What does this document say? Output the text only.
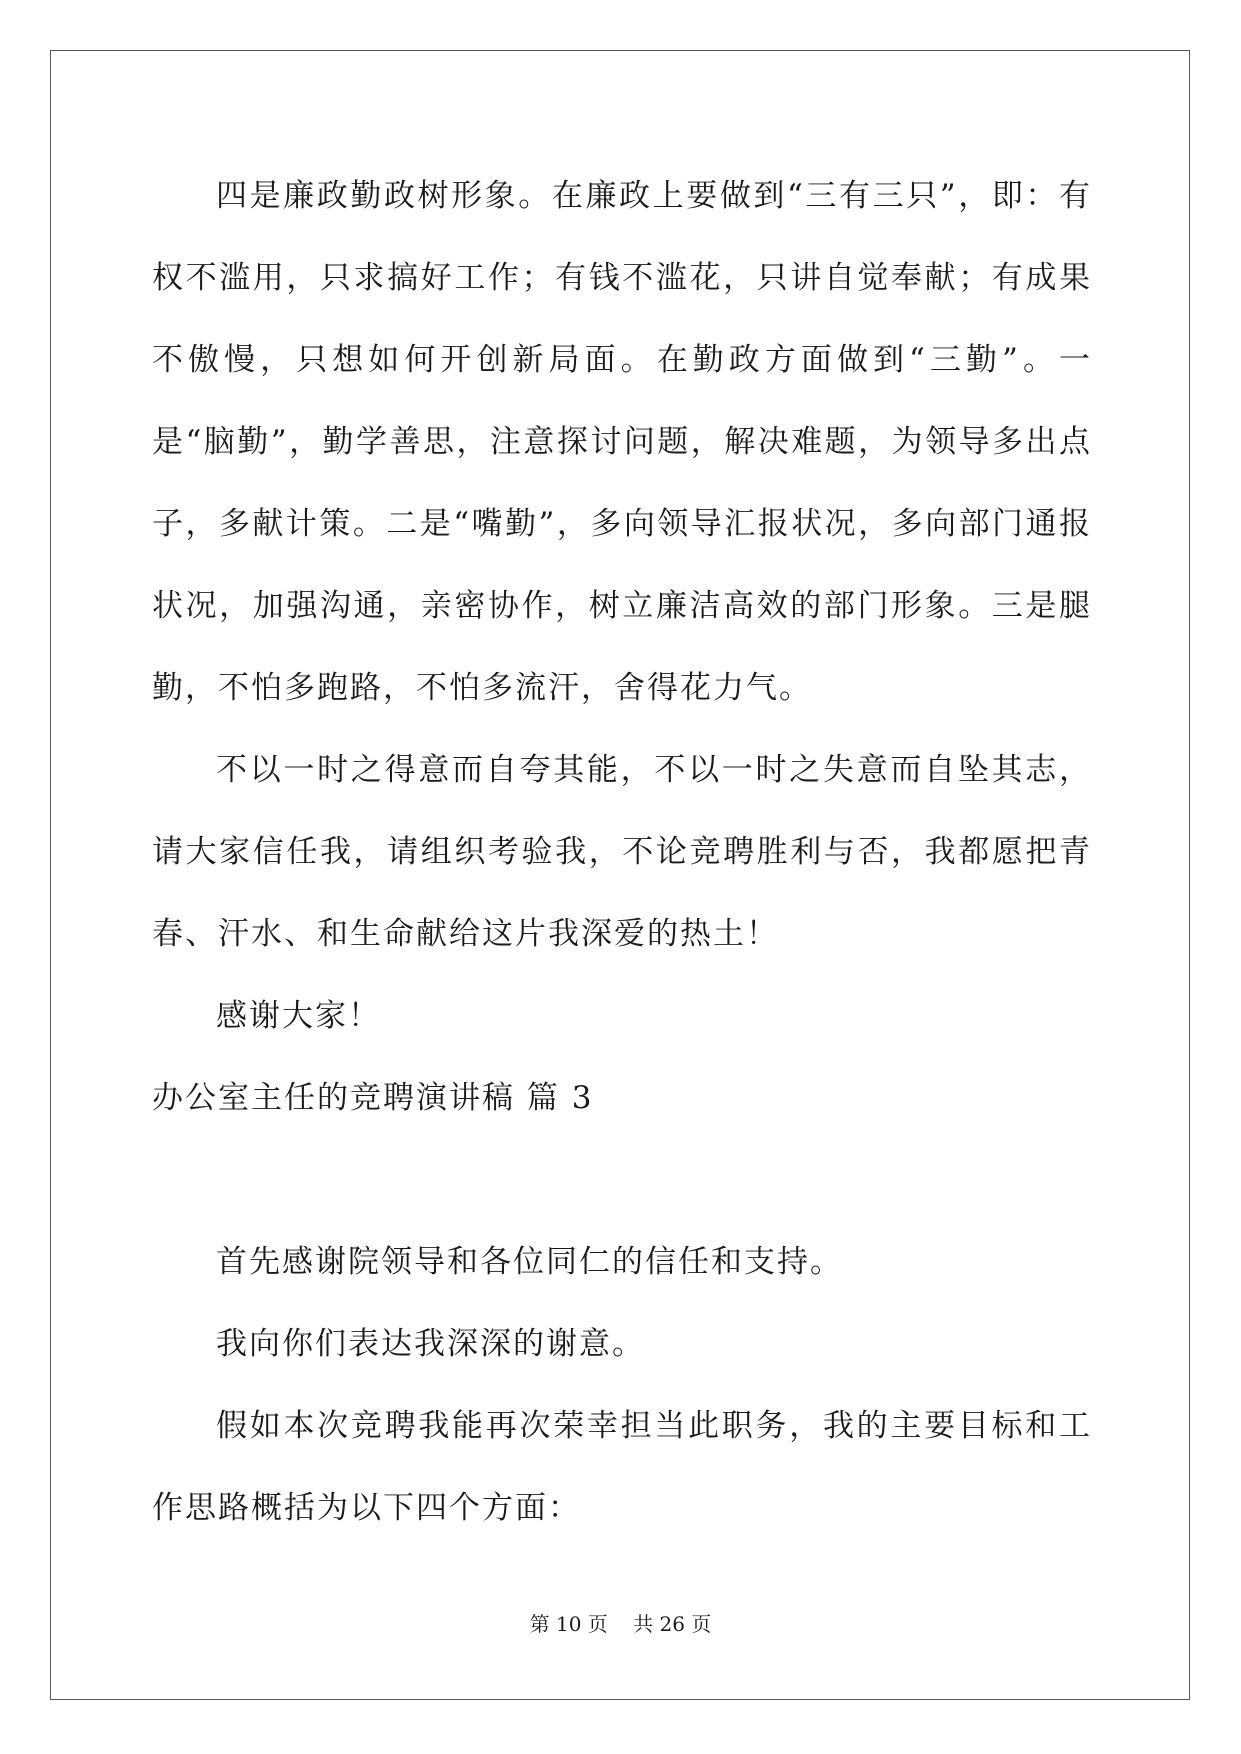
四是廉政勤政树形象。在廉政上要做到“三有三只”，即：有权不滥用，只求搞好工作；有钱不滥花，只讲自觉奉献；有成果不傲慢，只想如何开创新局面。在勤政方面做到“三勤”。一是“脑勤”，勤学善思，注意探讨问题，解决难题，为领导多出点子，多献计策。二是“嘴勤”，多向领导汇报状况，多向部门通报状况，加强沟通，亲密协作，树立廉洁高效的部门形象。三是腿勤，不怕多跑路，不怕多流汗，舍得花力气。

不以一时之得意而自夸其能，不以一时之失意而自坠其志，请大家信任我，请组织考验我，不论竞聘胜利与否，我都愿把青春、汗水、和生命献给这片我深爱的热土！

感谢大家！

办公室主任的竞聘演讲稿 篇 3

首先感谢院领导和各位同仁的信任和支持。

我向你们表达我深深的谢意。

假如本次竞聘我能再次荣幸担当此职务，我的主要目标和工作思路概括为以下四个方面：

第 10 页    共 26 页
